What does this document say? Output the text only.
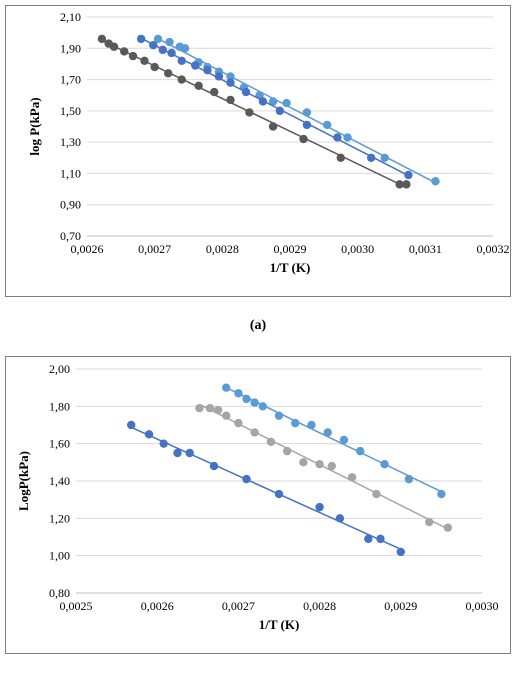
0,70
0,90
1,10
1,30
1,50
1,70
1,90
2,10
0,0026	0,0027	0,0028	0,0029	0,0030	0,0031	0,0032
1/T (K)
log P(kPa)
(a)
0,80
1,00
1,20
1,40
1,60
1,80
2,00
0,0025	0,0026	0,0027	0,0028	0,0029	0,0030
1/T (K)
LogP(kPa)
